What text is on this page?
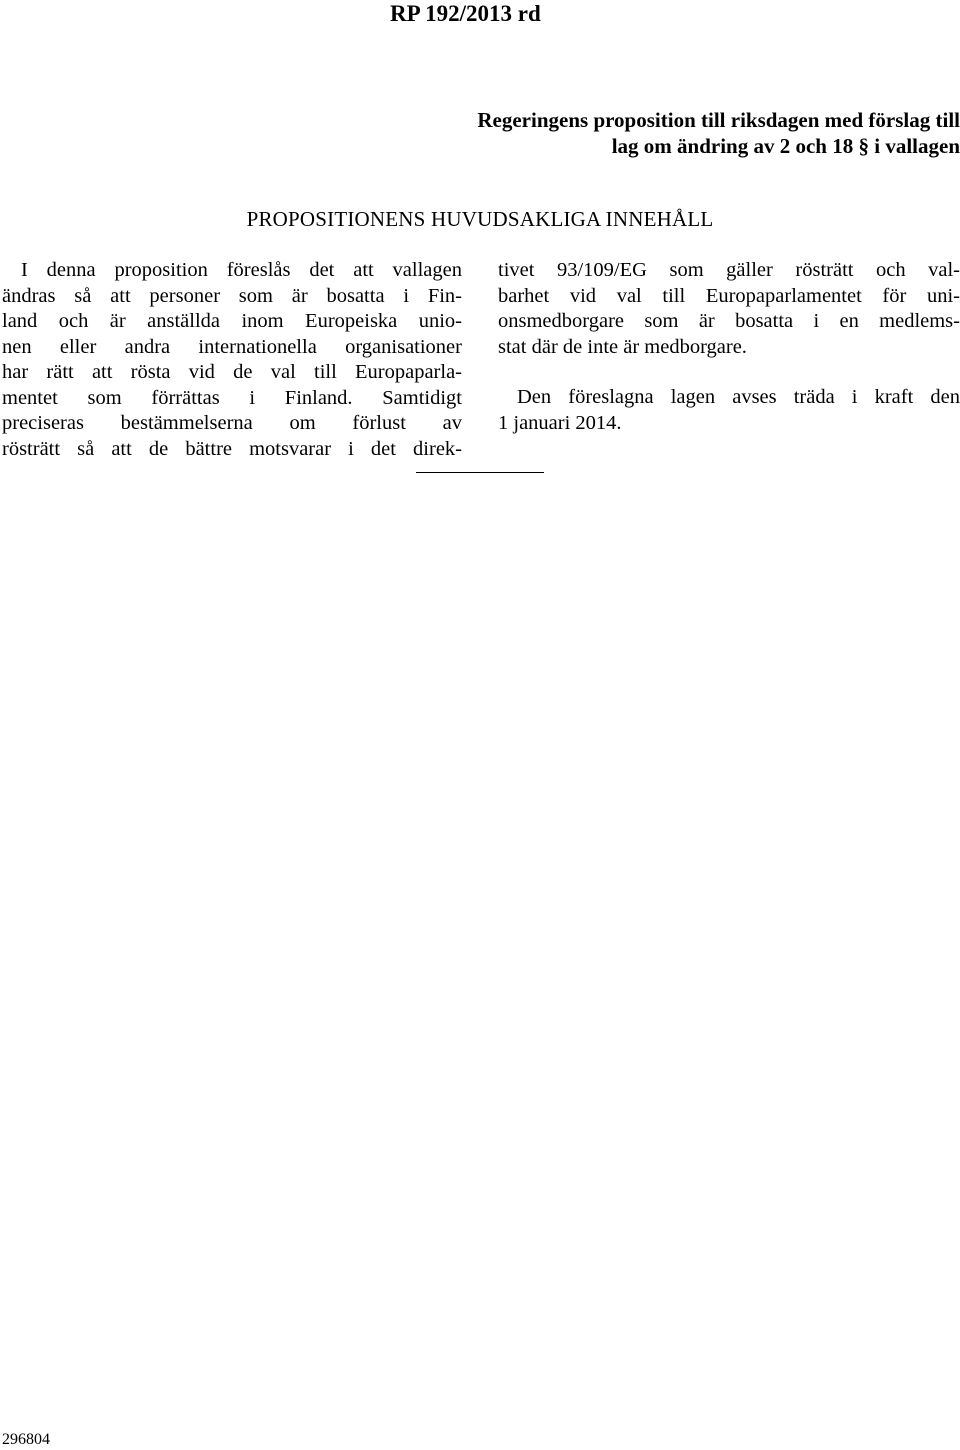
RP 192/2013 rd
Regeringens proposition till riksdagen med förslag till
lag om ändring av 2 och 18 § i vallagen
PROPOSITIONENS HUVUDSAKLIGA INNEHÅLL
I denna proposition föreslås det att vallagen
ändras så att personer som är bosatta i Fin-
land och är anställda inom Europeiska unio-
nen eller andra internationella organisationer
har rätt att rösta vid de val till Europaparla-
mentet som förrättas i Finland. Samtidigt
preciseras bestämmelserna om förlust av
rösträtt så att de bättre motsvarar i det direk-
tivet 93/109/EG som gäller rösträtt och val-
barhet vid val till Europaparlamentet för uni-
onsmedborgare som är bosatta i en medlems-
stat där de inte är medborgare.
Den föreslagna lagen avses träda i kraft den
1 januari 2014.

296804
